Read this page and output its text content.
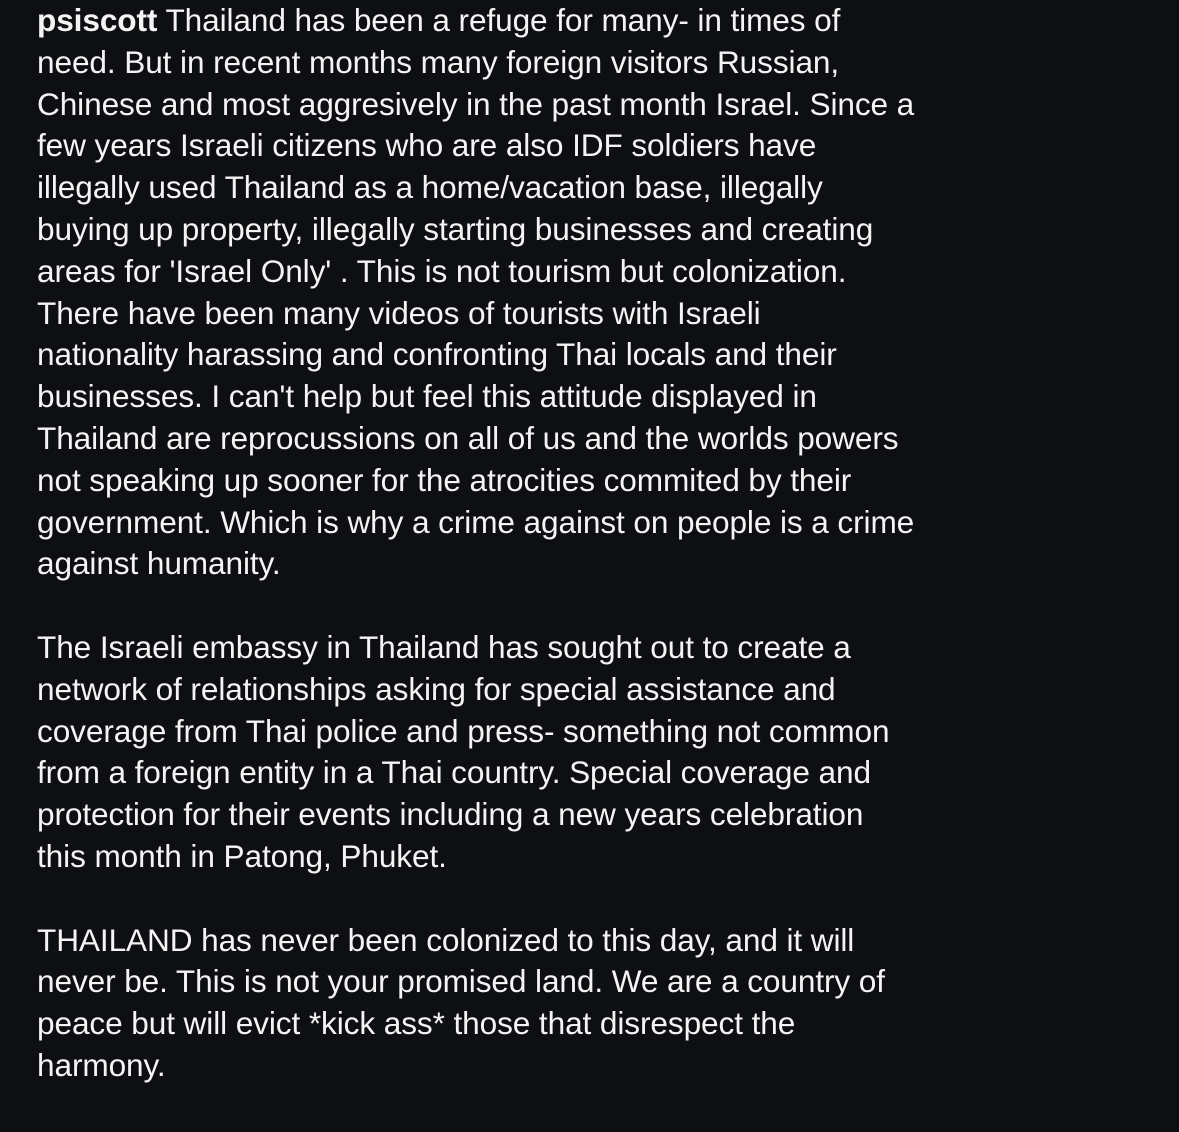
psiscott Thailand has been a refuge for many- in times of
need. But in recent months many foreign visitors Russian,
Chinese and most aggresively in the past month Israel. Since a
few years Israeli citizens who are also IDF soldiers have
illegally used Thailand as a home/vacation base, illegally
buying up property, illegally starting businesses and creating
areas for 'Israel Only' . This is not tourism but colonization.
There have been many videos of tourists with Israeli
nationality harassing and confronting Thai locals and their
businesses. I can't help but feel this attitude displayed in
Thailand are reprocussions on all of us and the worlds powers
not speaking up sooner for the atrocities commited by their
government. Which is why a crime against on people is a crime
against humanity.

The Israeli embassy in Thailand has sought out to create a
network of relationships asking for special assistance and
coverage from Thai police and press- something not common
from a foreign entity in a Thai country. Special coverage and
protection for their events including a new years celebration
this month in Patong, Phuket.

THAILAND has never been colonized to this day, and it will
never be. This is not your promised land. We are a country of
peace but will evict *kick ass* those that disrespect the
harmony.
